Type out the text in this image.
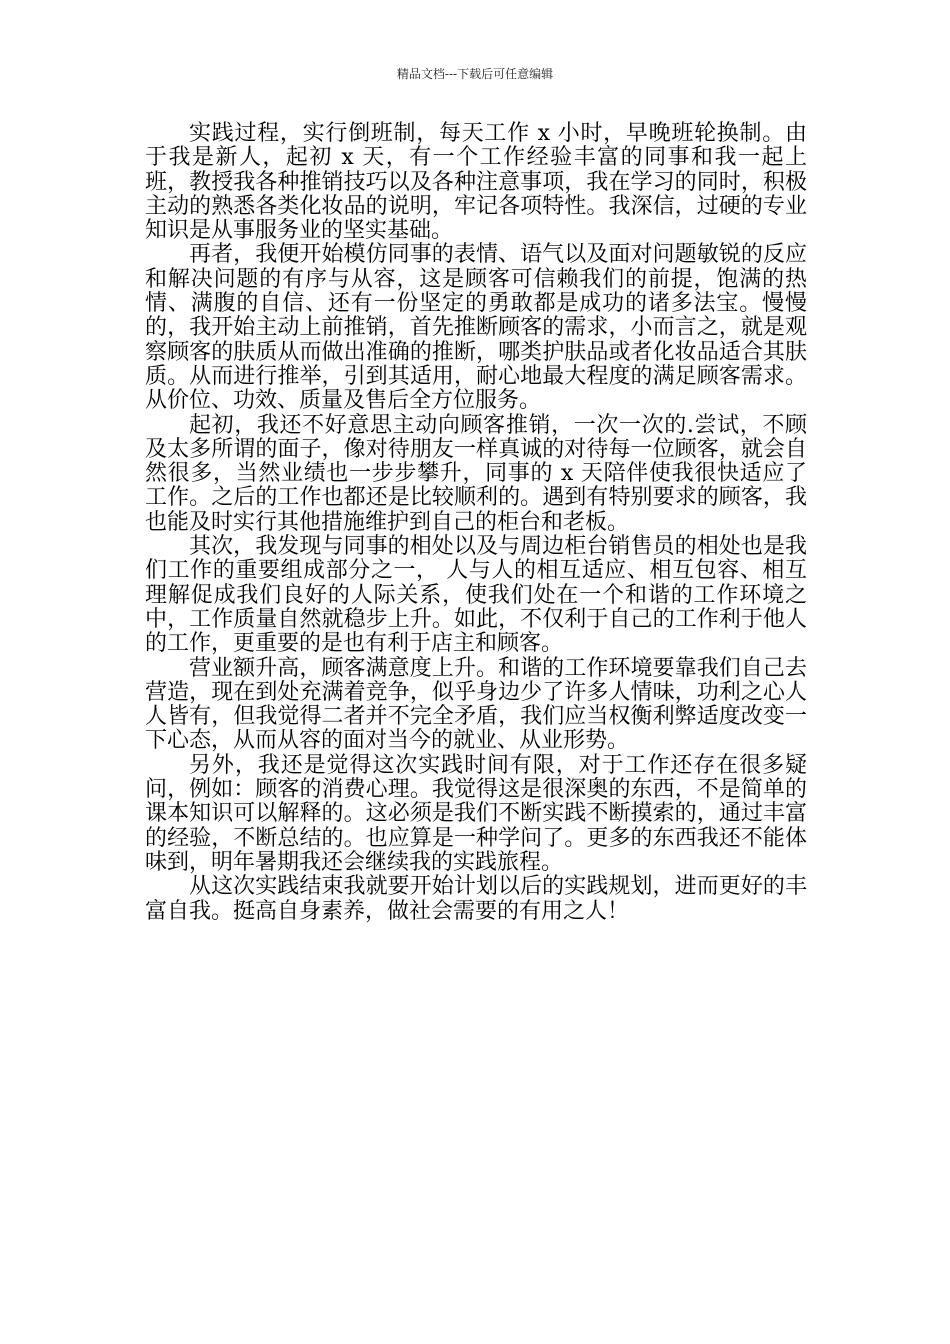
精品文档---下载后可任意编辑

实践过程，实行倒班制，每天工作 x 小时，早晚班轮换制。由于我是新人，起初 x 天，有一个工作经验丰富的同事和我一起上班，教授我各种推销技巧以及各种注意事项，我在学习的同时，积极主动的熟悉各类化妆品的说明，牢记各项特性。我深信，过硬的专业知识是从事服务业的坚实基础。

再者，我便开始模仿同事的表情、语气以及面对问题敏锐的反应和解决问题的有序与从容，这是顾客可信赖我们的前提，饱满的热情、满腹的自信、还有一份坚定的勇敢都是成功的诸多法宝。慢慢的，我开始主动上前推销，首先推断顾客的需求，小而言之，就是观察顾客的肤质从而做出准确的推断，哪类护肤品或者化妆品适合其肤质。从而进行推举，引到其适用，耐心地最大程度的满足顾客需求。从价位、功效、质量及售后全方位服务。

起初，我还不好意思主动向顾客推销，一次一次的.尝试，不顾及太多所谓的面子，像对待朋友一样真诚的对待每一位顾客，就会自然很多，当然业绩也一步步攀升，同事的 x 天陪伴使我很快适应了工作。之后的工作也都还是比较顺利的。遇到有特别要求的顾客，我也能及时实行其他措施维护到自己的柜台和老板。

其次，我发现与同事的相处以及与周边柜台销售员的相处也是我们工作的重要组成部分之一， 人与人的相互适应、相互包容、相互理解促成我们良好的人际关系，使我们处在一个和谐的工作环境之中，工作质量自然就稳步上升。如此，不仅利于自己的工作利于他人的工作，更重要的是也有利于店主和顾客。

营业额升高，顾客满意度上升。和谐的工作环境要靠我们自己去营造，现在到处充满着竞争，似乎身边少了许多人情味，功利之心人人皆有，但我觉得二者并不完全矛盾，我们应当权衡利弊适度改变一下心态，从而从容的面对当今的就业、从业形势。

另外，我还是觉得这次实践时间有限，对于工作还存在很多疑问，例如：顾客的消费心理。我觉得这是很深奥的东西，不是简单的课本知识可以解释的。这必须是我们不断实践不断摸索的，通过丰富的经验，不断总结的。也应算是一种学问了。更多的东西我还不能体味到，明年暑期我还会继续我的实践旅程。

从这次实践结束我就要开始计划以后的实践规划，进而更好的丰富自我。挺高自身素养，做社会需要的有用之人！
